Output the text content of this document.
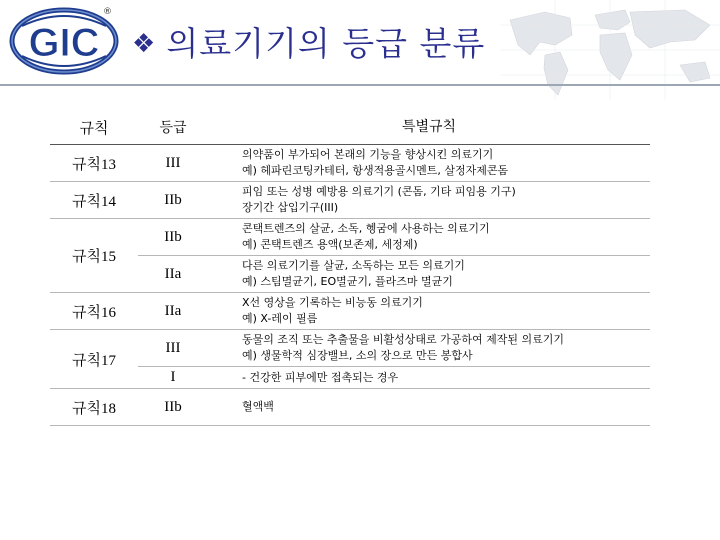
GIC
®
❖ 의료기기의 등급 분류
규칙	등급	특별규칙
규칙13	III	의약품이 부가되어 본래의 기능을 향상시킨 의료기기
예) 헤파린코팅카테터, 항생적용골시멘트, 살정자제콘돔

규칙14	IIb	피임 또는 성병 예방용 의료기기 (콘돔, 기타 피임용 기구)
장기간 삽입기구(III)

규칙15	IIb	콘택트렌즈의 살균, 소독, 헹굼에 사용하는 의료기기
예) 콘택트렌즈 용액(보존제, 세정제)

	IIa	다른 의료기기를 살균, 소독하는 모든 의료기기
예) 스팀멸균기, EO멸균기, 플라즈마 멸균기

규칙16	IIa	X선 영상을 기록하는 비능동 의료기기
예) X-레이 필름

규칙17	III	동물의 조직 또는 추출물을 비활성상태로 가공하여 제작된 의료기기
예) 생물학적 심장밸브, 소의 장으로 만든 봉합사

	I	- 건강한 피부에만 접촉되는 경우

규칙18	IIb	혈액백
